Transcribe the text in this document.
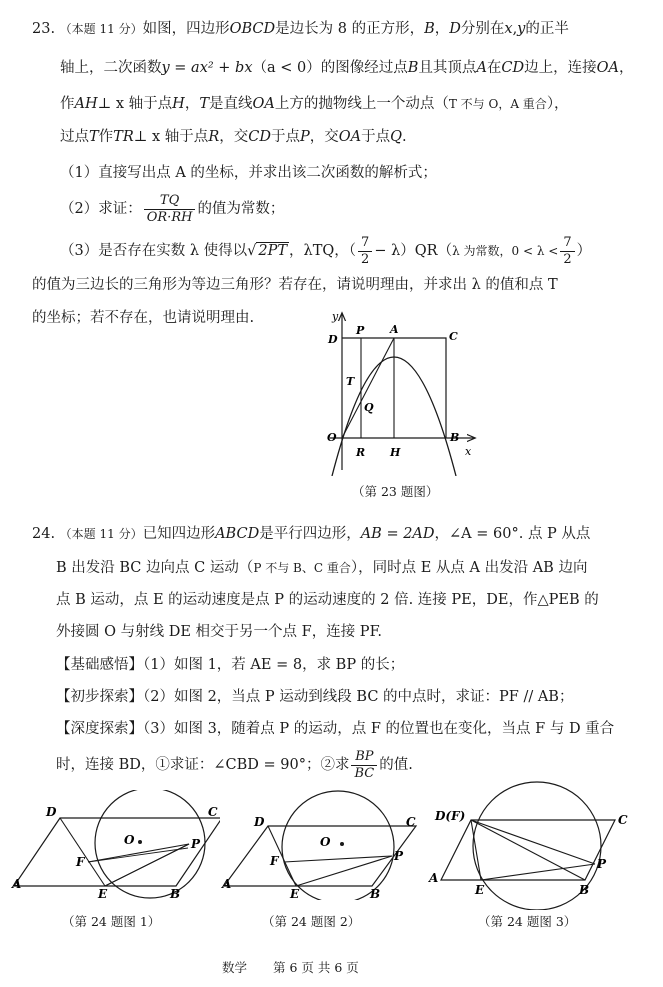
23. （本题 11 分）如图，四边形OBCD是边长为 8 的正方形，B，D分别在x,y的正半
轴上，二次函数y = ax² + bx（a < 0）的图像经过点B且其顶点A在CD边上，连接OA，
作AH⊥ x 轴于点H，T是直线OA上方的抛物线上一个动点（T 不与 O，A 重合），
过点T作TR⊥ x 轴于点R，交CD于点P，交OA于点Q.
（1）直接写出点 A 的坐标，并求出该二次函数的解析式；
（2）求证： $\frac{TQ}{OR\cdot RH}$ 的值为常数；
（3）是否存在实数 λ 使得以√ 2PT ，λTQ，（ $\frac{7}{2} - \lambda)QR(\lambda$ 为常数，$0 < \lambda < \frac{7}{2}$ ）
的值为三边长的三角形为等边三角形？若存在，请说明理由，并求出 λ 的值和点 T
的坐标；若不存在，也请说明理由.	y
D
P A
C
T
Q
O	B
R H	x
（第 23 题图）
24. （本题 11 分）已知四边形ABCD是平行四边形，AB = 2AD，∠A = 60°. 点 P 从点
B 出发沿 BC 边向点 C 运动（P 不与 B、C 重合），同时点 E 从点 A 出发沿 AB 边向
点 B 运动，点 E 的运动速度是点 P 的运动速度的 2 倍. 连接 PE，DE，作△PEB 的
外接圆 O 与射线 DE 相交于另一个点 F，连接 PF.
【基础感悟】（1）如图 1，若 AE = 8，求 BP 的长；
【初步探索】（2）如图 2，当点 P 运动到线段 BC 的中点时，求证：PF // AB；
【深度探索】（3）如图 3，随着点 P 的运动，点 F 的位置也在变化，当点 F 与 D 重合
时，连接 BD，①求证：∠CBD = 90°；②求 $\frac{BP}{BC}$ 的值.
D	C
O
F
P
A
E	B
（第 24 题图 1）
D	C
O
F	P
A
E	B
（第 24 题图 2）
D(F)	C
P
A
E	B
（第 24 题图 3）
数学 第 6 页 共 6 页
